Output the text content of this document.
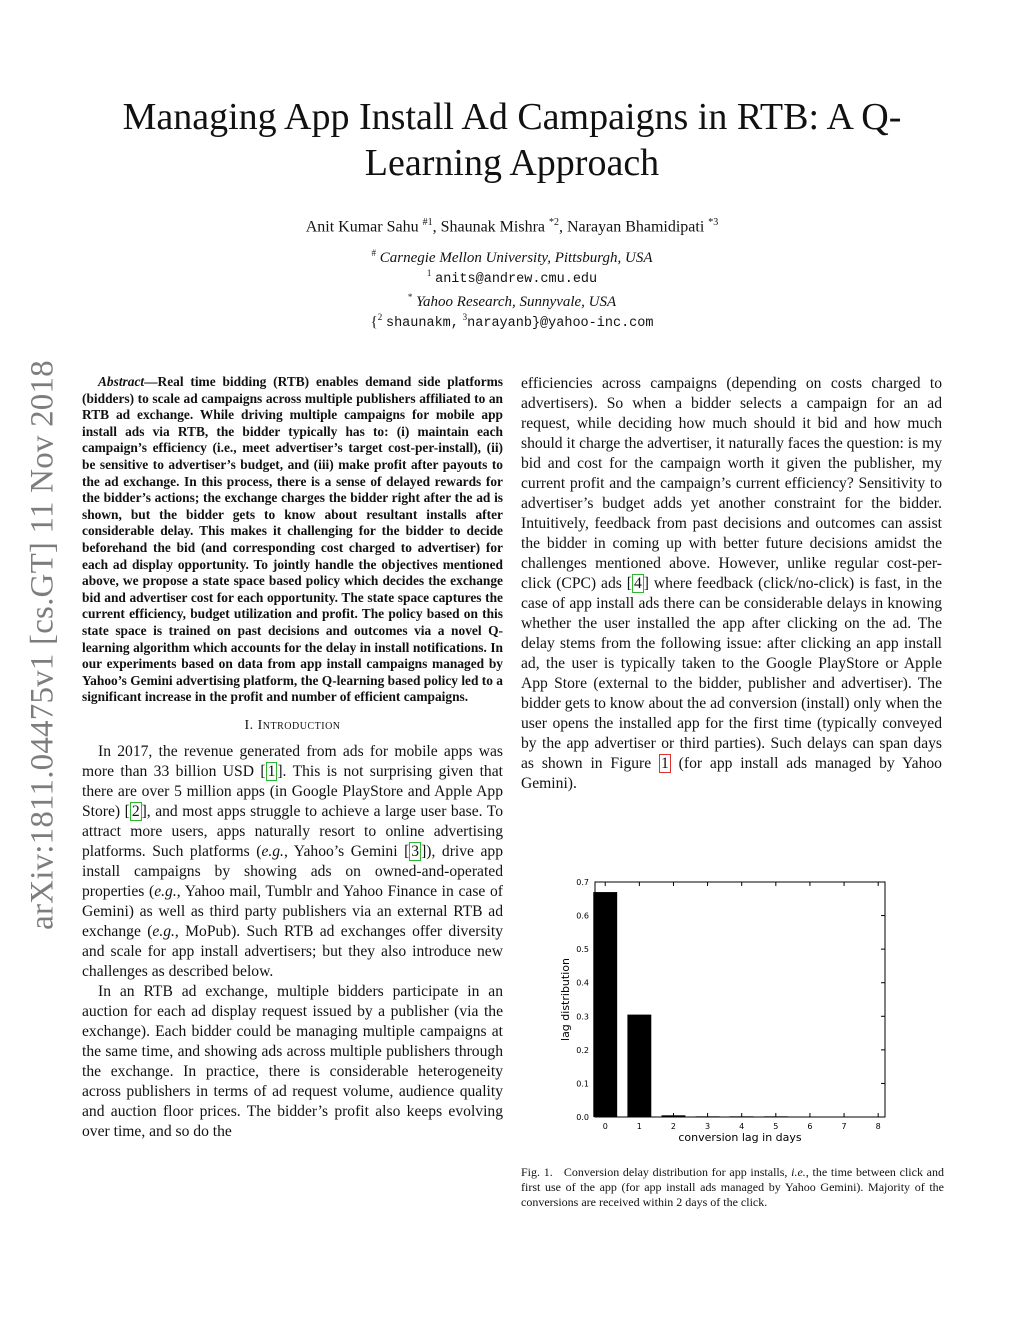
arXiv:1811.04475v1 [cs.GT] 11 Nov 2018
Managing App Install Ad Campaigns in RTB: A Q-Learning Approach
Anit Kumar Sahu $^{\#1}$, Shaunak Mishra $^{*2}$, Narayan Bhamidipati $^{*3}$
# Carnegie Mellon University, Pittsburgh, USA
$^1$ anits@andrew.cmu.edu
* Yahoo Research, Sunnyvale, USA
{$^2$ shaunakm, $^3$narayanb}@yahoo-inc.com

Abstract—Real time bidding (RTB) enables demand side platforms (bidders) to scale ad campaigns across multiple publishers affiliated to an RTB ad exchange. While driving multiple campaigns for mobile app install ads via RTB, the bidder typically has to: (i) maintain each campaign’s efficiency (i.e., meet advertiser’s target cost-per-install), (ii) be sensitive to advertiser’s budget, and (iii) make profit after payouts to the ad exchange. In this process, there is a sense of delayed rewards for the bidder’s actions; the exchange charges the bidder right after the ad is shown, but the bidder gets to know about resultant installs after considerable delay. This makes it challenging for the bidder to decide beforehand the bid (and corresponding cost charged to advertiser) for each ad display opportunity. To jointly handle the objectives mentioned above, we propose a state space based policy which decides the exchange bid and advertiser cost for each opportunity. The state space captures the current efficiency, budget utilization and profit. The policy based on this state space is trained on past decisions and outcomes via a novel Q-learning algorithm which accounts for the delay in install notifications. In our experiments based on data from app install campaigns managed by Yahoo’s Gemini advertising platform, the Q-learning based policy led to a significant increase in the profit and number of efficient campaigns.

I. Introduction

In 2017, the revenue generated from ads for mobile apps was more than 33 billion USD [ 1 ]. This is not surprising given that there are over 5 million apps (in Google PlayStore and Apple App Store) [ 2 ], and most apps struggle to achieve a large user base. To attract more users, apps naturally resort to online advertising platforms. Such platforms (e.g., Yahoo’s Gemini [ 3 ]), drive app install campaigns by showing ads on owned-and-operated properties (e.g., Yahoo mail, Tumblr and Yahoo Finance in case of Gemini) as well as third party publishers via an external RTB ad exchange (e.g., MoPub). Such RTB ad exchanges offer diversity and scale for app install advertisers; but they also introduce new challenges as described below.

In an RTB ad exchange, multiple bidders participate in an auction for each ad display request issued by a publisher (via the exchange). Each bidder could be managing multiple campaigns at the same time, and showing ads across multiple publishers through the exchange. In practice, there is considerable heterogeneity across publishers in terms of ad request volume, audience quality and auction floor prices. The bidder’s profit also keeps evolving over time, and so do the

efficiencies across campaigns (depending on costs charged to advertisers). So when a bidder selects a campaign for an ad request, while deciding how much should it bid and how much should it charge the advertiser, it naturally faces the question: is my bid and cost for the campaign worth it given the publisher, my current profit and the campaign’s current efficiency? Sensitivity to advertiser’s budget adds yet another constraint for the bidder. Intuitively, feedback from past decisions and outcomes can assist the bidder in coming up with better future decisions amidst the challenges mentioned above. However, unlike regular cost-per-click (CPC) ads [ 4 ] where feedback (click/no-click) is fast, in the case of app install ads there can be considerable delays in knowing whether the user installed the app after clicking on the ad. The delay stems from the following issue: after clicking an app install ad, the user is typically taken to the Google PlayStore or Apple App Store (external to the bidder, publisher and advertiser). The bidder gets to know about the ad conversion (install) only when the user opens the installed app for the first time (typically conveyed by the app advertiser or third parties). Such delays can span days as shown in Figure 1 (for app install ads managed by Yahoo Gemini).

0.0
0.1
0.2
0.3
0.4
0.5
0.6
0.7
0	1	2	3	4	5	6	7	8
conversion lag in days
lag distribution
Fig. 1. Conversion delay distribution for app installs, i.e., the time between click and first use of the app (for app install ads managed by Yahoo Gemini). Majority of the conversions are received within 2 days of the click.
